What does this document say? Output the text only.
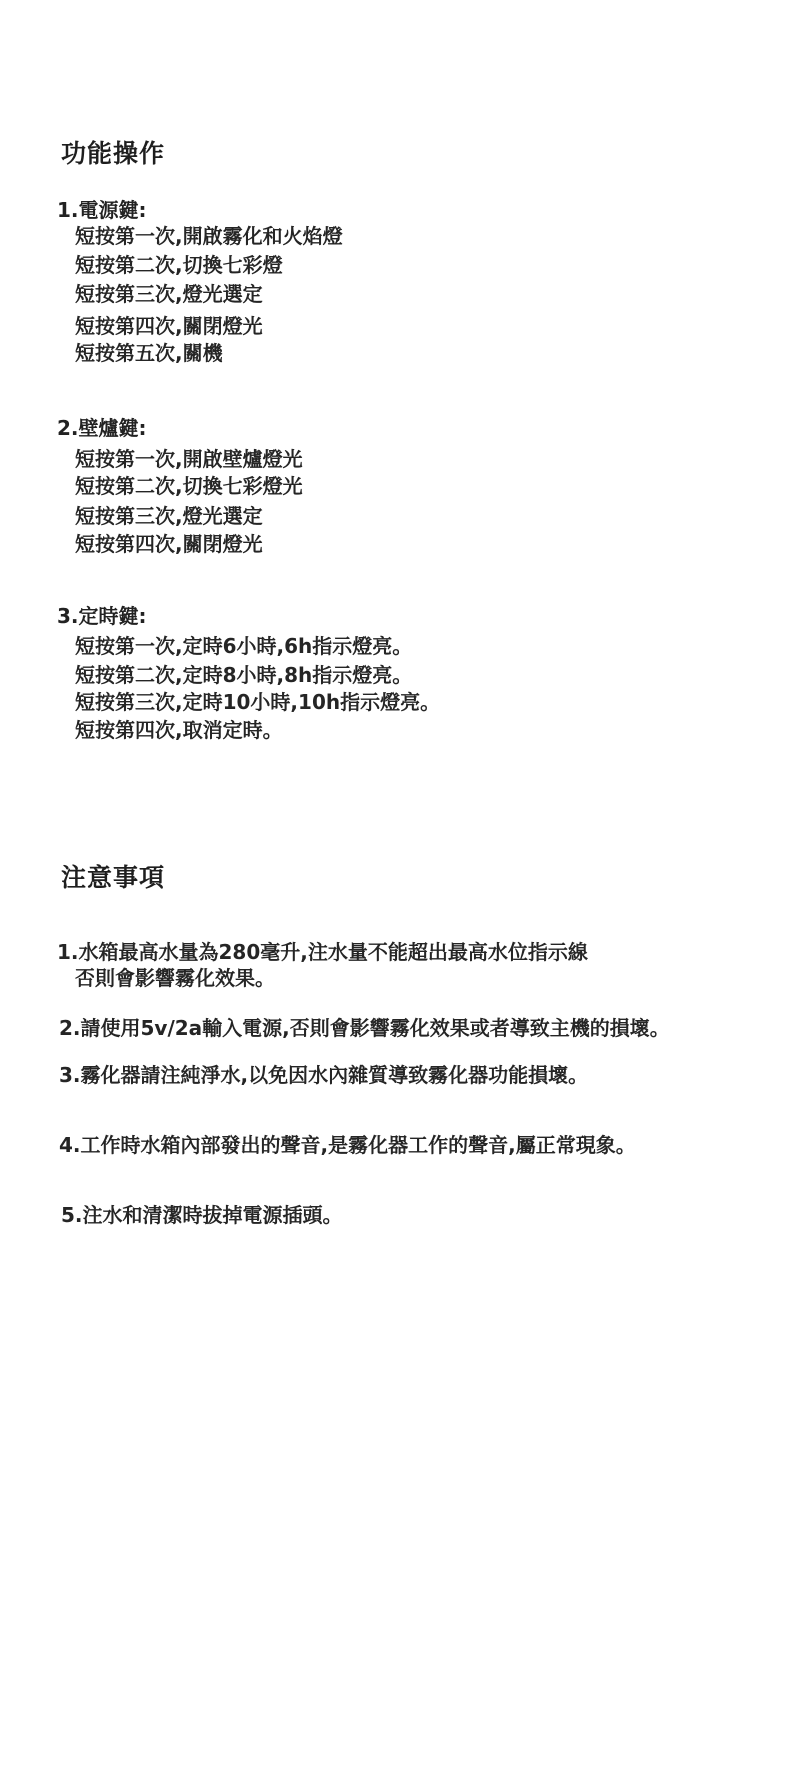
功能操作
1.電源鍵:
短按第一次,開啟霧化和火焰燈
短按第二次,切換七彩燈
短按第三次,燈光選定
短按第四次,關閉燈光
短按第五次,關機
2.壁爐鍵:
短按第一次,開啟壁爐燈光
短按第二次,切換七彩燈光
短按第三次,燈光選定
短按第四次,關閉燈光
3.定時鍵:
短按第一次,定時6小時,6h指示燈亮。
短按第二次,定時8小時,8h指示燈亮。
短按第三次,定時10小時,10h指示燈亮。
短按第四次,取消定時。
注意事項
1.水箱最高水量為280毫升,注水量不能超出最高水位指示線
否則會影響霧化效果。
2.請使用5v/2a輸入電源,否則會影響霧化效果或者導致主機的損壞。
3.霧化器請注純淨水,以免因水內雜質導致霧化器功能損壞。
4.工作時水箱內部發出的聲音,是霧化器工作的聲音,屬正常現象。
5.注水和清潔時拔掉電源插頭。
